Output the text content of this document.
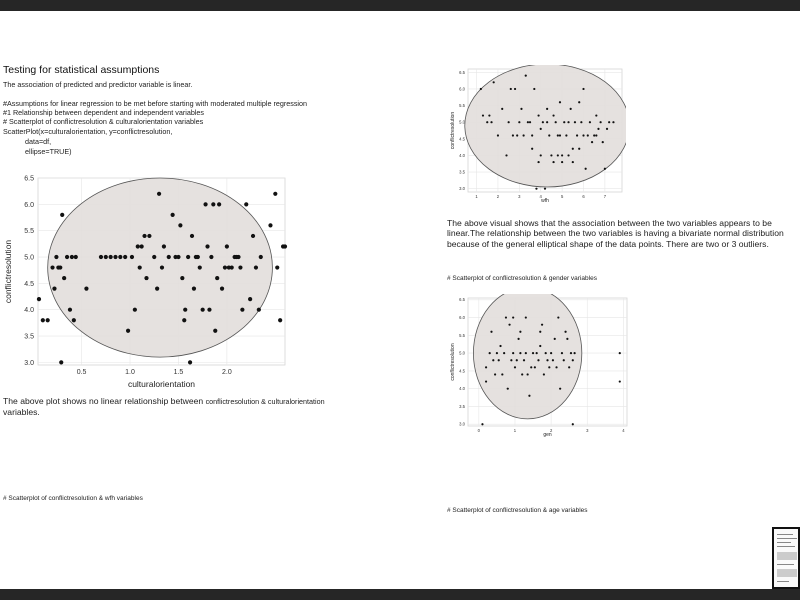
Testing for statistical assumptions
The association of predicted and predictor variable is linear.
#Assumptions for linear regression to be met before starting with moderated multiple regression
#1 Relationship between dependent and independent variables
# Scatterplot of conflictresolution & culturalorientation variables
ScatterPlot(x=culturalorientation, y=conflictresolution,
data=df,
ellipse=TRUE)
3.0
3.5
4.0
4.5
5.0
5.5
6.0
6.5
0.5	1.0	1.5	2.0
culturalorientation
conflictresolution
The above plot shows no linear relationship between conflictresolution & culturalorientation
variables.
# Scatterplot of conflictresolution & wfh variables
3.0
3.5
4.0
4.5
5.0
5.5
6.0
6.5
1	2	3	4	5	6	7
wfh
conflictresolution
The above visual shows that the association between the two variables appears to be linear.The relationship between the two variables is having a bivariate normal distribution because of the general elliptical shape of the data points. There are two or 3 outliers.
# Scatterplot of conflictresolution & gender variables
3.0
3.5
4.0
4.5
5.0
5.5
6.0
6.5
0	1	2	3	4
gen
conflictresolution
# Scatterplot of conflictresolution & age variables
